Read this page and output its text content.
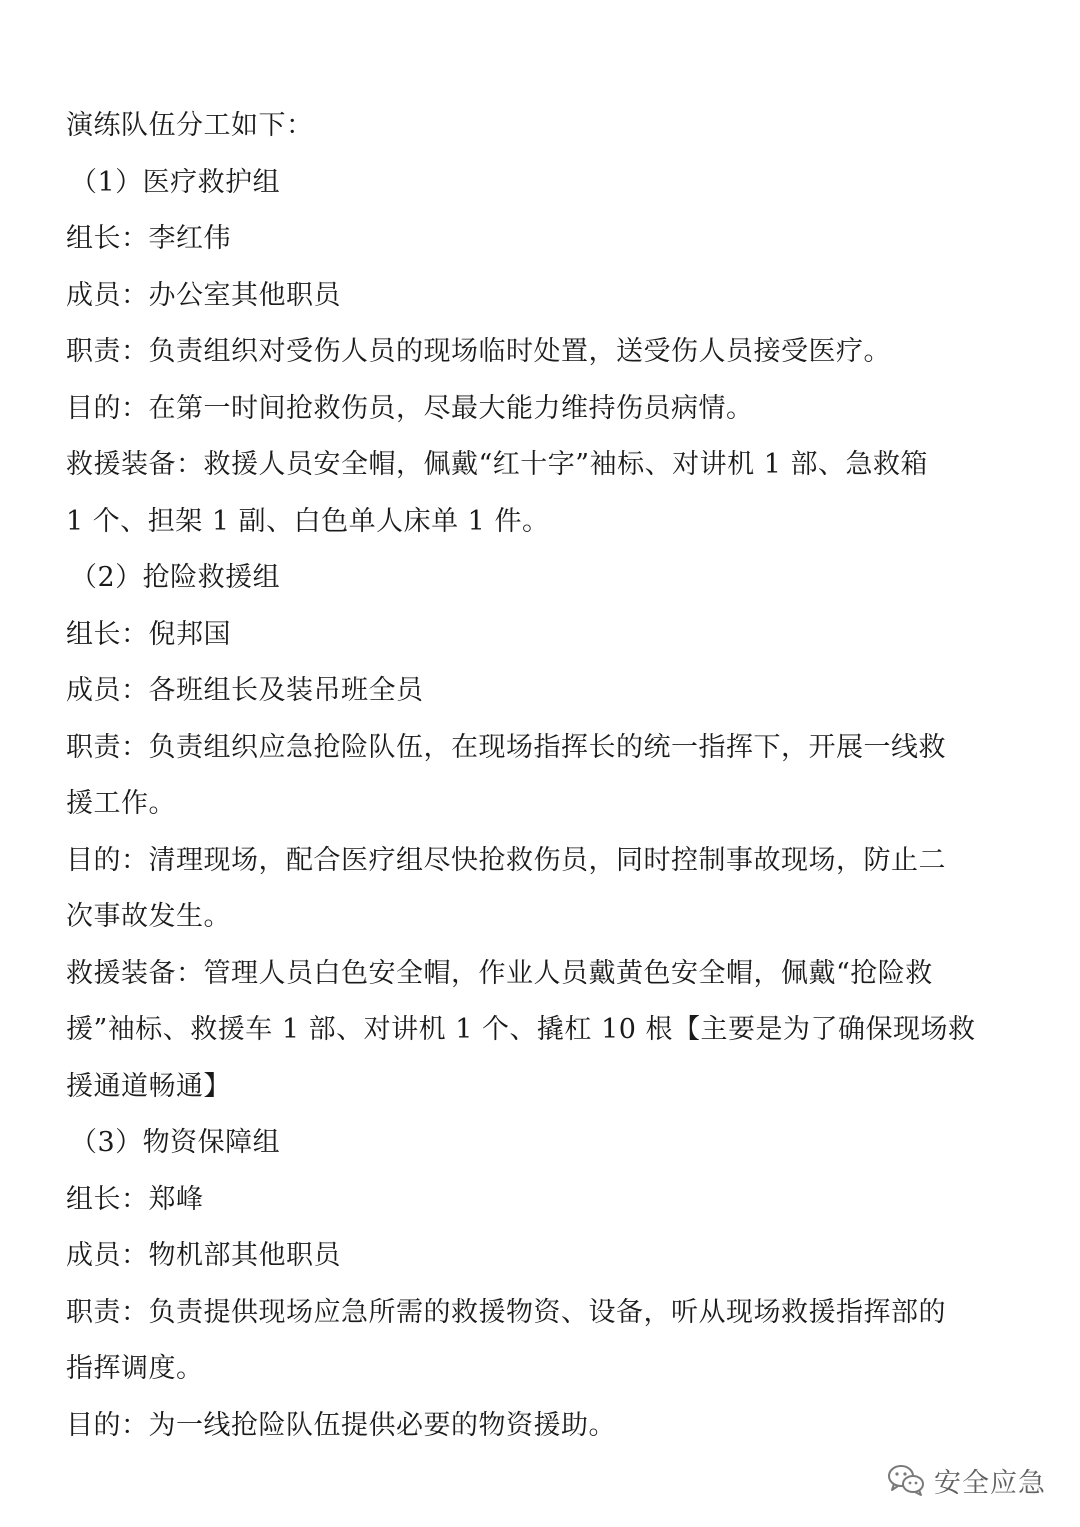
演练队伍分工如下：
（1）医疗救护组
组长：李红伟
成员：办公室其他职员
职责：负责组织对受伤人员的现场临时处置，送受伤人员接受医疗。
目的：在第一时间抢救伤员，尽最大能力维持伤员病情。
救援装备：救援人员安全帽，佩戴“红十字”袖标、对讲机 1 部、急救箱
1 个、担架 1 副、白色单人床单 1 件。
（2）抢险救援组
组长：倪邦国
成员：各班组长及装吊班全员
职责：负责组织应急抢险队伍，在现场指挥长的统一指挥下，开展一线救
援工作。
目的：清理现场，配合医疗组尽快抢救伤员，同时控制事故现场，防止二
次事故发生。
救援装备：管理人员白色安全帽，作业人员戴黄色安全帽，佩戴“抢险救
援”袖标、救援车 1 部、对讲机 1 个、撬杠 10 根【主要是为了确保现场救
援通道畅通】
（3）物资保障组
组长：郑峰
成员：物机部其他职员
职责：负责提供现场应急所需的救援物资、设备，听从现场救援指挥部的
指挥调度。
目的：为一线抢险队伍提供必要的物资援助。
安全应急
